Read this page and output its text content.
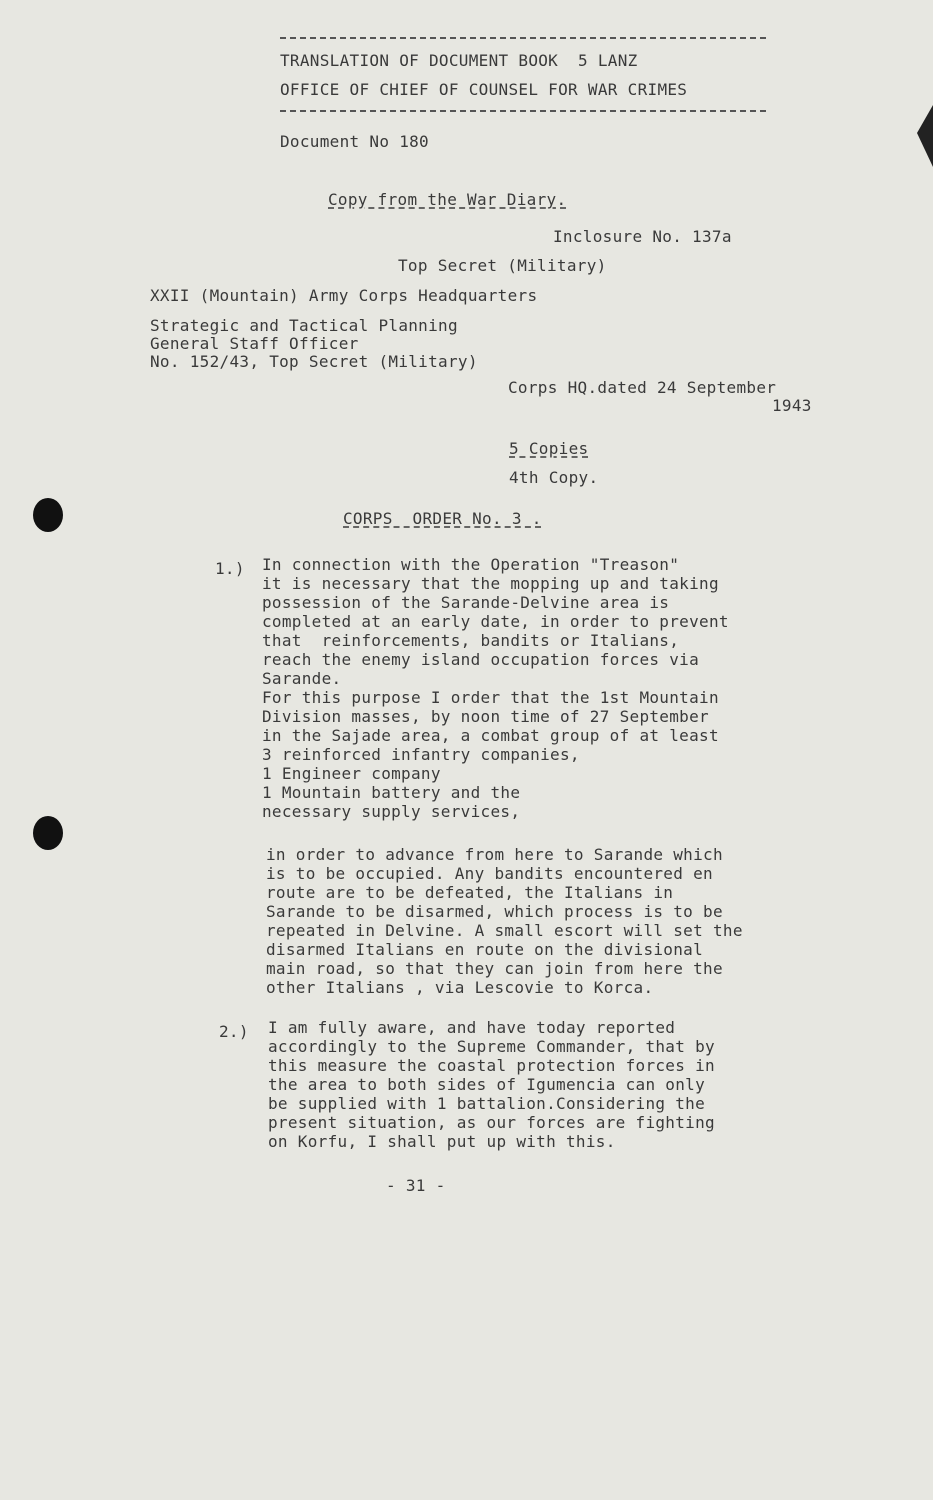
TRANSLATION OF DOCUMENT BOOK  5 LANZ

OFFICE OF CHIEF OF COUNSEL FOR WAR CRIMES

Document No 180

Copy from the War Diary.

Inclosure No. 137a

Top Secret (Military)

XXII (Mountain) Army Corps Headquarters

Strategic and Tactical Planning

General Staff Officer

No. 152/43, Top Secret (Military)

Corps HQ.dated 24 September

1943

5 Copies

4th Copy.

CORPS  ORDER No. 3 .

1.) In connection with the Operation "Treason"
it is necessary that the mopping up and taking
possession of the Sarande-Delvine area is
completed at an early date, in order to prevent
that  reinforcements, bandits or Italians,
reach the enemy island occupation forces via
Sarande.
For this purpose I order that the 1st Mountain
Division masses, by noon time of 27 September
in the Sajade area, a combat group of at least
3 reinforced infantry companies,
1 Engineer company
1 Mountain battery and the
necessary supply services,
in order to advance from here to Sarande which
is to be occupied. Any bandits encountered en
route are to be defeated, the Italians in
Sarande to be disarmed, which process is to be
repeated in Delvine. A small escort will set the
disarmed Italians en route on the divisional
main road, so that they can join from here the
other Italians , via Lescovie to Korca.

2.) I am fully aware, and have today reported
accordingly to the Supreme Commander, that by
this measure the coastal protection forces in
the area to both sides of Igumencia can only
be supplied with 1 battalion.Considering the
present situation, as our forces are fighting
on Korfu, I shall put up with this.

- 31 -
